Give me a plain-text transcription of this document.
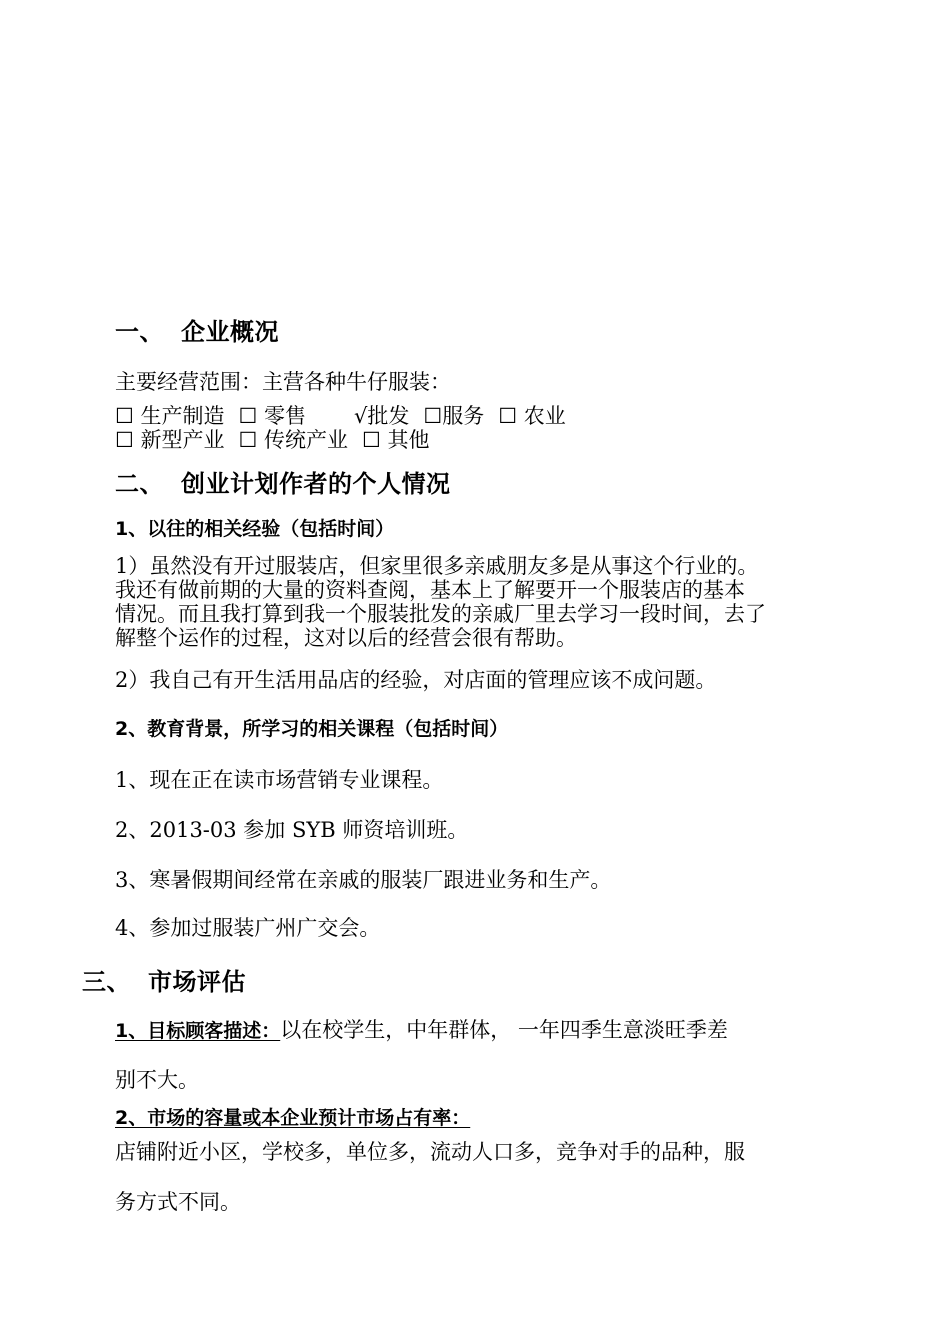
一、 企业概况
主要经营范围：主营各种牛仔服装：
☐ 生产制造 ☐ 零售 √批发 ☐服务 ☐ 农业
☐ 新型产业 ☐ 传统产业 ☐ 其他
二、 创业计划作者的个人情况
1、以往的相关经验（包括时间）
1）虽然没有开过服装店，但家里很多亲戚朋友多是从事这个行业的。
我还有做前期的大量的资料查阅，基本上了解要开一个服装店的基本
情况。而且我打算到我一个服装批发的亲戚厂里去学习一段时间，去了
解整个运作的过程，这对以后的经营会很有帮助。
2）我自己有开生活用品店的经验，对店面的管理应该不成问题。
2、教育背景，所学习的相关课程（包括时间）
1、现在正在读市场营销专业课程。
2、2013-03 参加 SYB 师资培训班。
3、寒暑假期间经常在亲戚的服装厂跟进业务和生产。
4、参加过服装广州广交会。
三、 市场评估
1、目标顾客描述：以在校学生，中年群体， 一年四季生意淡旺季差
别不大。
2、市场的容量或本企业预计市场占有率：
店铺附近小区，学校多，单位多，流动人口多，竞争对手的品种，服
务方式不同。
